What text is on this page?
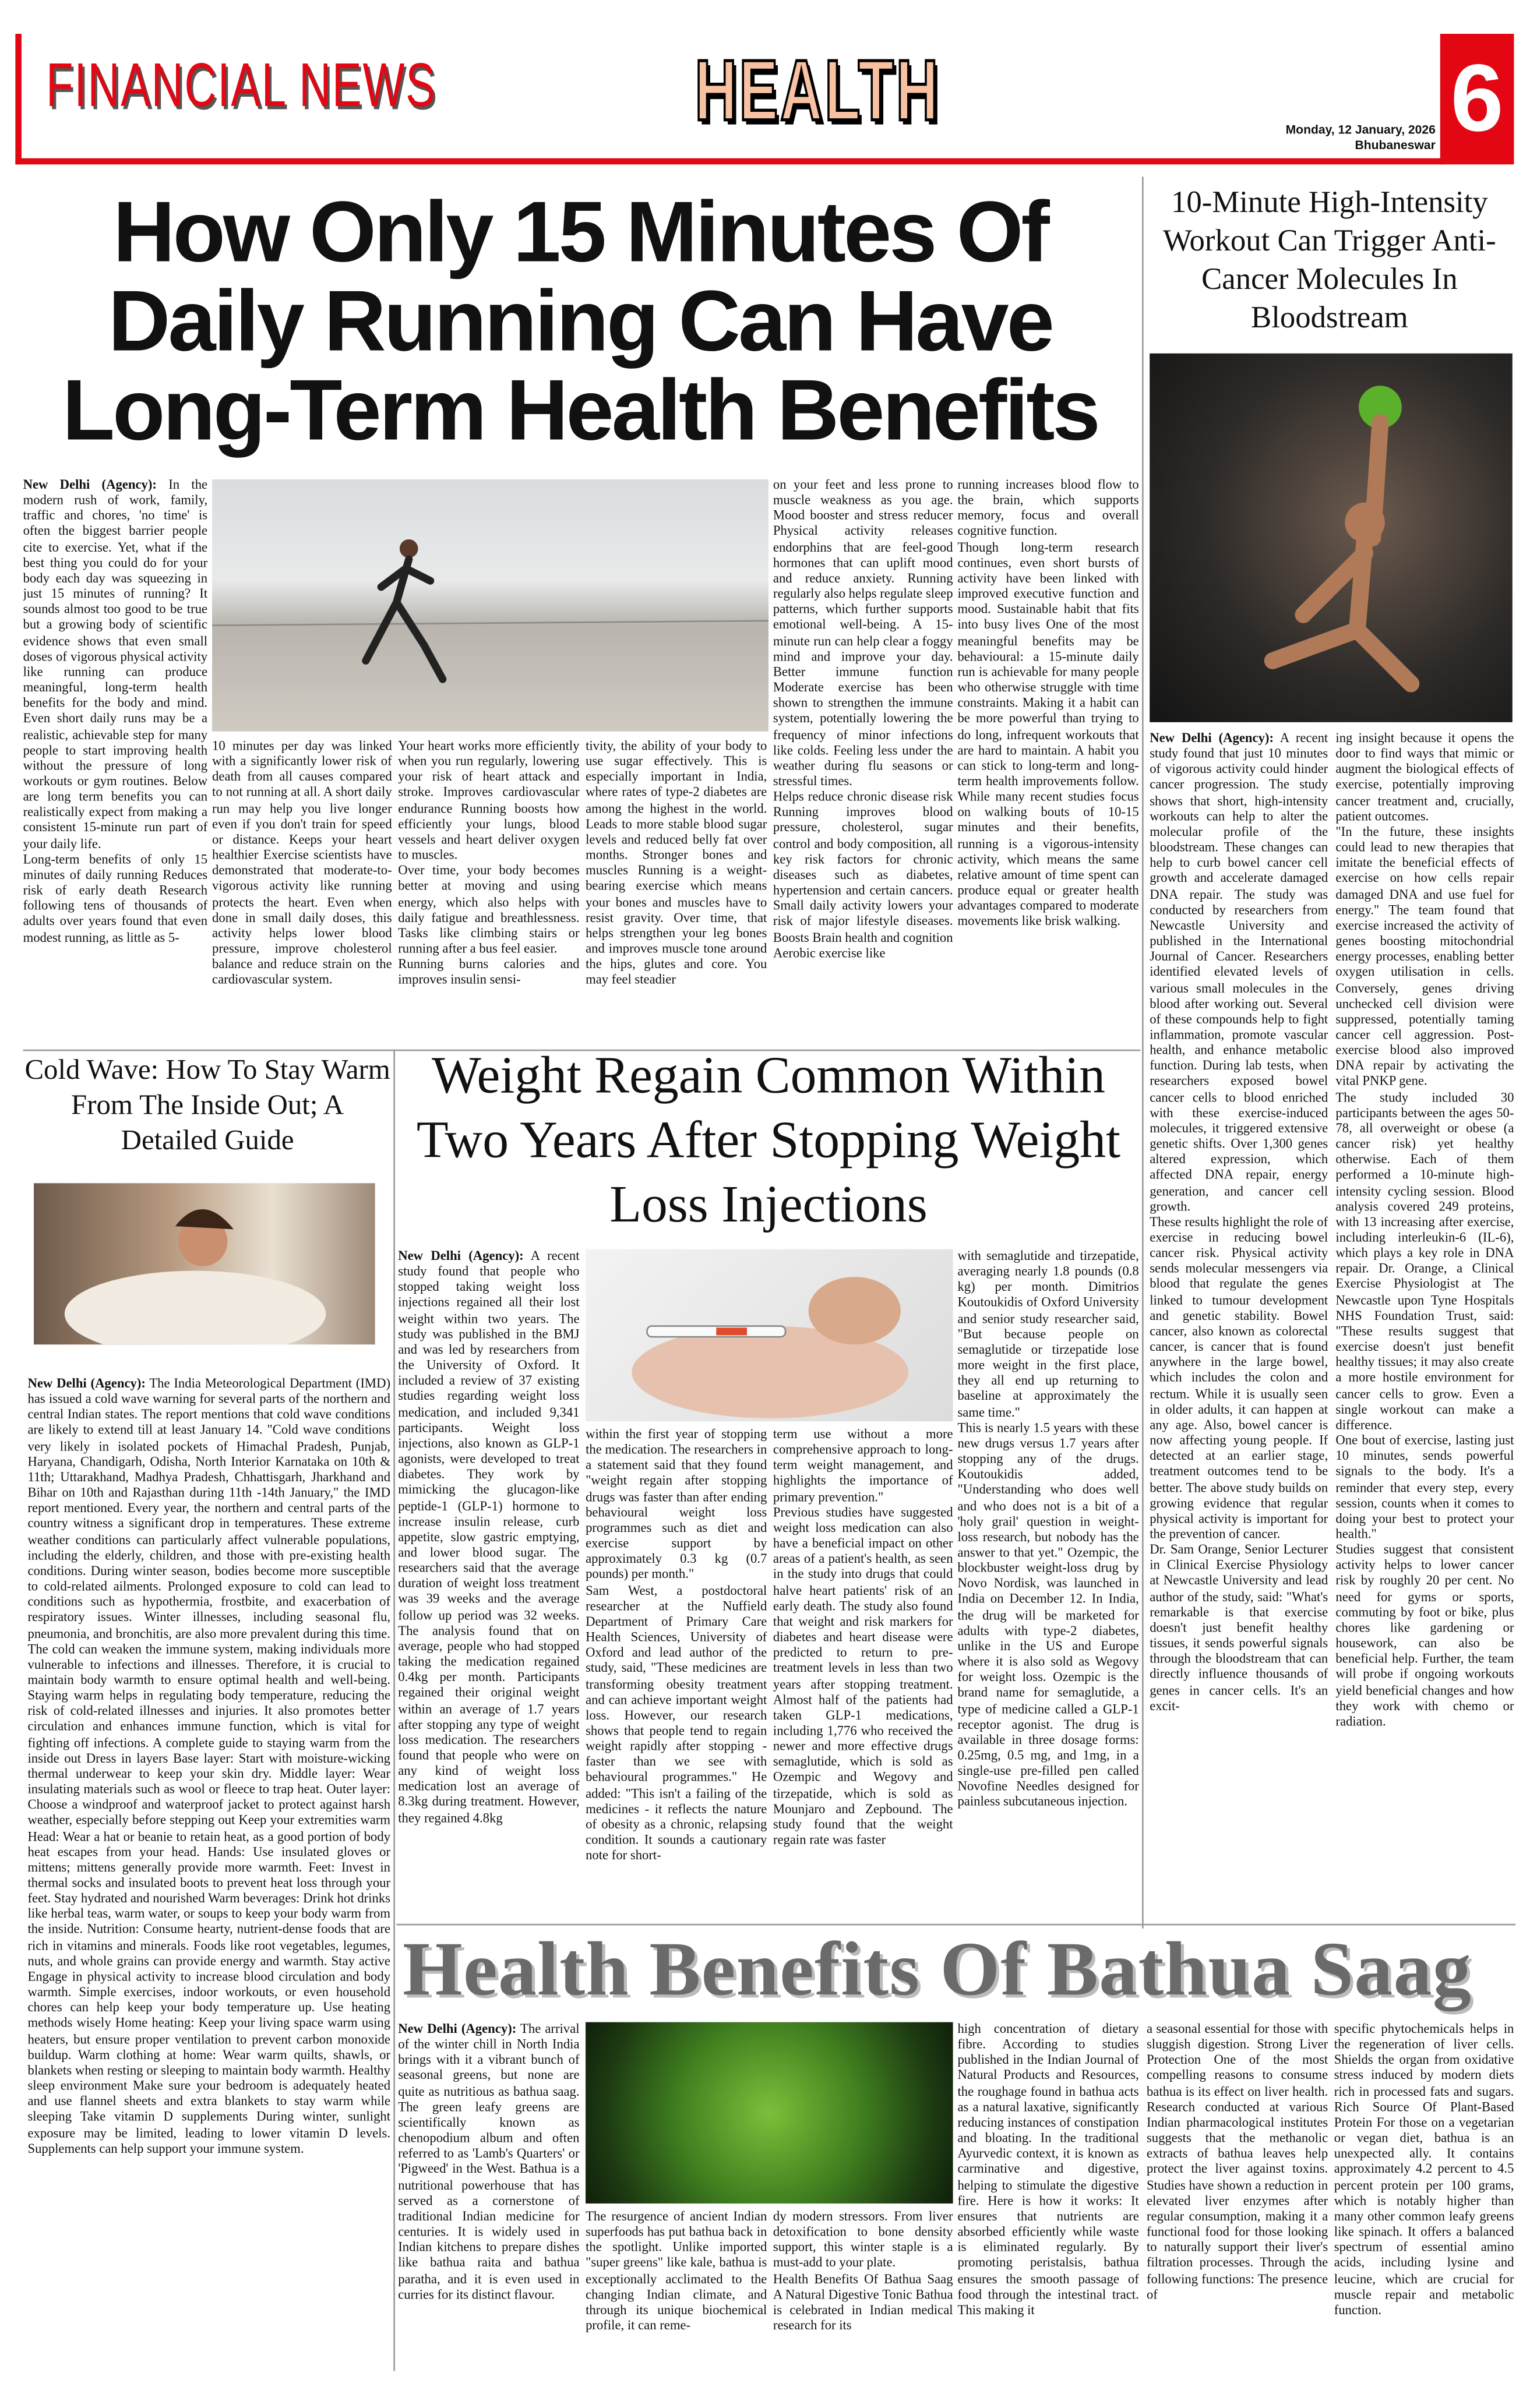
FINANCIAL NEWS	HEALTH	Monday, 12 January, 2026
Bhubaneswar 6
How Only 15 Minutes Of Daily Running Can Have Long-Term Health Benefits
New Delhi (Agency): In the modern rush of work, family, traffic and chores, 'no time' is often the biggest barrier people cite to exercise. Yet, what if the best thing you could do for your body each day was squeezing in just 15 minutes of running? It sounds almost too good to be true but a growing body of scientific evidence shows that even small doses of vigorous physical activity like running can produce meaningful, long-term health benefits for the body and mind. Even short daily runs may be a realistic, achievable step for many people to start improving health without the pressure of long workouts or gym routines. Below are long term benefits you can realistically expect from making a consistent 15-minute run part of your daily life.
Long-term benefits of only 15 minutes of daily running Reduces risk of early death Research following tens of thousands of adults over years found that even modest running, as little as 5-
10 minutes per day was linked with a significantly lower risk of death from all causes compared to not running at all. A short daily run may help you live longer even if you don't train for speed or distance. Keeps your heart healthier Exercise scientists have demonstrated that moderate-to-vigorous activity like running protects the heart. Even when done in small daily doses, this activity helps lower blood pressure, improve cholesterol balance and reduce strain on the cardiovascular system.
Your heart works more efficiently when you run regularly, lowering your risk of heart attack and stroke. Improves cardiovascular endurance Running boosts how efficiently your lungs, blood vessels and heart deliver oxygen to muscles.
Over time, your body becomes better at moving and using energy, which also helps with daily fatigue and breathlessness. Tasks like climbing stairs or running after a bus feel easier.
Running burns calories and improves insulin sensi-
tivity, the ability of your body to use sugar effectively. This is especially important in India, where rates of type-2 diabetes are among the highest in the world. Leads to more stable blood sugar levels and reduced belly fat over months. Stronger bones and muscles Running is a weight-bearing exercise which means your bones and muscles have to resist gravity. Over time, that helps strengthen your leg bones and improves muscle tone around the hips, glutes and core. You may feel steadier
on your feet and less prone to muscle weakness as you age. Mood booster and stress reducer Physical activity releases endorphins that are feel-good hormones that can uplift mood and reduce anxiety. Running regularly also helps regulate sleep patterns, which further supports emotional well-being. A 15-minute run can help clear a foggy mind and improve your day. Better immune function Moderate exercise has been shown to strengthen the immune system, potentially lowering the frequency of minor infections like colds. Feeling less under the weather during flu seasons or stressful times.
Helps reduce chronic disease risk Running improves blood pressure, cholesterol, sugar control and body composition, all key risk factors for chronic diseases such as diabetes, hypertension and certain cancers. Small daily activity lowers your risk of major lifestyle diseases. Boosts Brain health and cognition Aerobic exercise like
running increases blood flow to the brain, which supports memory, focus and overall cognitive function.
Though long-term research continues, even short bursts of activity have been linked with improved executive function and mood. Sustainable habit that fits into busy lives One of the most meaningful benefits may be behavioural: a 15-minute daily run is achievable for many people who otherwise struggle with time constraints. Making it a habit can be more powerful than trying to do long, infrequent workouts that are hard to maintain. A habit you can stick to long-term and long-term health improvements follow. While many recent studies focus on walking bouts of 10-15 minutes and their benefits, running is a vigorous-intensity activity, which means the same relative amount of time spent can produce equal or greater health advantages compared to moderate movements like brisk walking.
10-Minute High-Intensity Workout Can Trigger Anti-Cancer Molecules In Bloodstream
New Delhi (Agency): A recent study found that just 10 minutes of vigorous activity could hinder cancer progression. The study shows that short, high-intensity workouts can help to alter the molecular profile of the bloodstream. These changes can help to curb bowel cancer cell growth and accelerate damaged DNA repair. The study was conducted by researchers from Newcastle University and published in the International Journal of Cancer. Researchers identified elevated levels of various small molecules in the blood after working out. Several of these compounds help to fight inflammation, promote vascular health, and enhance metabolic function. During lab tests, when researchers exposed bowel cancer cells to blood enriched with these exercise-induced molecules, it triggered extensive genetic shifts. Over 1,300 genes altered expression, which affected DNA repair, energy generation, and cancer cell growth.
These results highlight the role of exercise in reducing bowel cancer risk. Physical activity sends molecular messengers via blood that regulate the genes linked to tumour development and genetic stability. Bowel cancer, also known as colorectal cancer, is cancer that is found anywhere in the large bowel, which includes the colon and rectum. While it is usually seen in older adults, it can happen at any age. Also, bowel cancer is now affecting young people. If detected at an earlier stage, treatment outcomes tend to be better. The above study builds on growing evidence that regular physical activity is important for the prevention of cancer.
Dr. Sam Orange, Senior Lecturer in Clinical Exercise Physiology at Newcastle University and lead author of the study, said: "What's remarkable is that exercise doesn't just benefit healthy tissues, it sends powerful signals through the bloodstream that can directly influence thousands of genes in cancer cells. It's an excit-
ing insight because it opens the door to find ways that mimic or augment the biological effects of exercise, potentially improving cancer treatment and, crucially, patient outcomes.
"In the future, these insights could lead to new therapies that imitate the beneficial effects of exercise on how cells repair damaged DNA and use fuel for energy." The team found that exercise increased the activity of genes boosting mitochondrial energy processes, enabling better oxygen utilisation in cells. Conversely, genes driving unchecked cell division were suppressed, potentially taming cancer cell aggression. Post-exercise blood also improved DNA repair by activating the vital PNKP gene.
The study included 30 participants between the ages 50-78, all overweight or obese (a cancer risk) yet healthy otherwise. Each of them performed a 10-minute high-intensity cycling session. Blood analysis covered 249 proteins, with 13 increasing after exercise, including interleukin-6 (IL-6), which plays a key role in DNA repair. Dr. Orange, a Clinical Exercise Physiologist at The Newcastle upon Tyne Hospitals NHS Foundation Trust, said: "These results suggest that exercise doesn't just benefit healthy tissues; it may also create a more hostile environment for cancer cells to grow. Even a single workout can make a difference.
One bout of exercise, lasting just 10 minutes, sends powerful signals to the body. It's a reminder that every step, every session, counts when it comes to doing your best to protect your health."
Studies suggest that consistent activity helps to lower cancer risk by roughly 20 per cent. No need for gyms or sports, commuting by foot or bike, plus chores like gardening or housework, can also be beneficial help. Further, the team will probe if ongoing workouts yield beneficial changes and how they work with chemo or radiation.
Cold Wave: How To Stay Warm From The Inside Out; A Detailed Guide
New Delhi (Agency): The India Meteorological Department (IMD) has issued a cold wave warning for several parts of the northern and central Indian states. The report mentions that cold wave conditions are likely to extend till at least January 14. "Cold wave conditions very likely in isolated pockets of Himachal Pradesh, Punjab, Haryana, Chandigarh, Odisha, North Interior Karnataka on 10th & 11th; Uttarakhand, Madhya Pradesh, Chhattisgarh, Jharkhand and Bihar on 10th and Rajasthan during 11th -14th January," the IMD report mentioned. Every year, the northern and central parts of the country witness a significant drop in temperatures. These extreme weather conditions can particularly affect vulnerable populations, including the elderly, children, and those with pre-existing health conditions. During winter season, bodies become more susceptible to cold-related ailments. Prolonged exposure to cold can lead to conditions such as hypothermia, frostbite, and exacerbation of respiratory issues. Winter illnesses, including seasonal flu, pneumonia, and bronchitis, are also more prevalent during this time. The cold can weaken the immune system, making individuals more vulnerable to infections and illnesses. Therefore, it is crucial to maintain body warmth to ensure optimal health and well-being. Staying warm helps in regulating body temperature, reducing the risk of cold-related illnesses and injuries. It also promotes better circulation and enhances immune function, which is vital for fighting off infections. A complete guide to staying warm from the inside out Dress in layers Base layer: Start with moisture-wicking thermal underwear to keep your skin dry. Middle layer: Wear insulating materials such as wool or fleece to trap heat. Outer layer: Choose a windproof and waterproof jacket to protect against harsh weather, especially before stepping out Keep your extremities warm Head: Wear a hat or beanie to retain heat, as a good portion of body heat escapes from your head. Hands: Use insulated gloves or mittens; mittens generally provide more warmth. Feet: Invest in thermal socks and insulated boots to prevent heat loss through your feet. Stay hydrated and nourished Warm beverages: Drink hot drinks like herbal teas, warm water, or soups to keep your body warm from the inside. Nutrition: Consume hearty, nutrient-dense foods that are rich in vitamins and minerals. Foods like root vegetables, legumes, nuts, and whole grains can provide energy and warmth. Stay active Engage in physical activity to increase blood circulation and body warmth. Simple exercises, indoor workouts, or even household chores can help keep your body temperature up. Use heating methods wisely Home heating: Keep your living space warm using heaters, but ensure proper ventilation to prevent carbon monoxide buildup. Warm clothing at home: Wear warm quilts, shawls, or blankets when resting or sleeping to maintain body warmth. Healthy sleep environment Make sure your bedroom is adequately heated and use flannel sheets and extra blankets to stay warm while sleeping Take vitamin D supplements During winter, sunlight exposure may be limited, leading to lower vitamin D levels. Supplements can help support your immune system.
Weight Regain Common Within Two Years After Stopping Weight Loss Injections
New Delhi (Agency): A recent study found that people who stopped taking weight loss injections regained all their lost weight within two years. The study was published in the BMJ and was led by researchers from the University of Oxford. It included a review of 37 existing studies regarding weight loss medication, and included 9,341 participants. Weight loss injections, also known as GLP-1 agonists, were developed to treat diabetes. They work by mimicking the glucagon-like peptide-1 (GLP-1) hormone to increase insulin release, curb appetite, slow gastric emptying, and lower blood sugar. The researchers said that the average duration of weight loss treatment was 39 weeks and the average follow up period was 32 weeks. The analysis found that on average, people who had stopped taking the medication regained 0.4kg per month. Participants regained their original weight within an average of 1.7 years after stopping any type of weight loss medication. The researchers found that people who were on any kind of weight loss medication lost an average of 8.3kg during treatment. However, they regained 4.8kg
within the first year of stopping the medication. The researchers in a statement said that they found "weight regain after stopping drugs was faster than after ending behavioural weight loss programmes such as diet and exercise support by approximately 0.3 kg (0.7 pounds) per month."
Sam West, a postdoctoral researcher at the Nuffield Department of Primary Care Health Sciences, University of Oxford and lead author of the study, said, "These medicines are transforming obesity treatment and can achieve important weight loss. However, our research shows that people tend to regain weight rapidly after stopping - faster than we see with behavioural programmes." He added: "This isn't a failing of the medicines - it reflects the nature of obesity as a chronic, relapsing condition. It sounds a cautionary note for short-
term use without a more comprehensive approach to long-term weight management, and highlights the importance of primary prevention."
Previous studies have suggested weight loss medication can also have a beneficial impact on other areas of a patient's health, as seen in the study into drugs that could halve heart patients' risk of an early death. The study also found that weight and risk markers for diabetes and heart disease were predicted to return to pre-treatment levels in less than two years after stopping treatment. Almost half of the patients had taken GLP-1 medications, including 1,776 who received the newer and more effective drugs semaglutide, which is sold as Ozempic and Wegovy and tirzepatide, which is sold as Mounjaro and Zepbound. The study found that the weight regain rate was faster
with semaglutide and tirzepatide, averaging nearly 1.8 pounds (0.8 kg) per month. Dimitrios Koutoukidis of Oxford University and senior study researcher said, "But because people on semaglutide or tirzepatide lose more weight in the first place, they all end up returning to baseline at approximately the same time."
This is nearly 1.5 years with these new drugs versus 1.7 years after stopping any of the drugs. Koutoukidis added, "Understanding who does well and who does not is a bit of a 'holy grail' question in weight-loss research, but nobody has the answer to that yet." Ozempic, the blockbuster weight-loss drug by Novo Nordisk, was launched in India on December 12. In India, the drug will be marketed for adults with type-2 diabetes, unlike in the US and Europe where it is also sold as Wegovy for weight loss. Ozempic is the brand name for semaglutide, a type of medicine called a GLP-1 receptor agonist. The drug is available in three dosage forms: 0.25mg, 0.5 mg, and 1mg, in a single-use pre-filled pen called Novofine Needles designed for painless subcutaneous injection.
Health Benefits Of Bathua Saag
New Delhi (Agency): The arrival of the winter chill in North India brings with it a vibrant bunch of seasonal greens, but none are quite as nutritious as bathua saag. The green leafy greens are scientifically known as chenopodium album and often referred to as 'Lamb's Quarters' or 'Pigweed' in the West. Bathua is a nutritional powerhouse that has served as a cornerstone of traditional Indian medicine for centuries. It is widely used in Indian kitchens to prepare dishes like bathua raita and bathua paratha, and it is even used in curries for its distinct flavour.
The resurgence of ancient Indian superfoods has put bathua back in the spotlight. Unlike imported "super greens" like kale, bathua is exceptionally acclimated to the changing Indian climate, and through its unique biochemical profile, it can reme-
dy modern stressors. From liver detoxification to bone density support, this winter staple is a must-add to your plate.
Health Benefits Of Bathua Saag A Natural Digestive Tonic Bathua is celebrated in Indian medical research for its
high concentration of dietary fibre. According to studies published in the Indian Journal of Natural Products and Resources, the roughage found in bathua acts as a natural laxative, significantly reducing instances of constipation and bloating. In the traditional Ayurvedic context, it is known as carminative and digestive, helping to stimulate the digestive fire. Here is how it works: It ensures that nutrients are absorbed efficiently while waste is eliminated regularly. By promoting peristalsis, bathua ensures the smooth passage of food through the intestinal tract. This making it
a seasonal essential for those with sluggish digestion. Strong Liver Protection One of the most compelling reasons to consume bathua is its effect on liver health. Research conducted at various Indian pharmacological institutes suggests that the methanolic extracts of bathua leaves help protect the liver against toxins. Studies have shown a reduction in elevated liver enzymes after regular consumption, making it a functional food for those looking to naturally support their liver's filtration processes. Through the following functions: The presence of
specific phytochemicals helps in the regeneration of liver cells. Shields the organ from oxidative stress induced by modern diets rich in processed fats and sugars. Rich Source Of Plant-Based Protein For those on a vegetarian or vegan diet, bathua is an unexpected ally. It contains approximately 4.2 percent to 4.5 percent protein per 100 grams, which is notably higher than many other common leafy greens like spinach. It offers a balanced spectrum of essential amino acids, including lysine and leucine, which are crucial for muscle repair and metabolic function.
